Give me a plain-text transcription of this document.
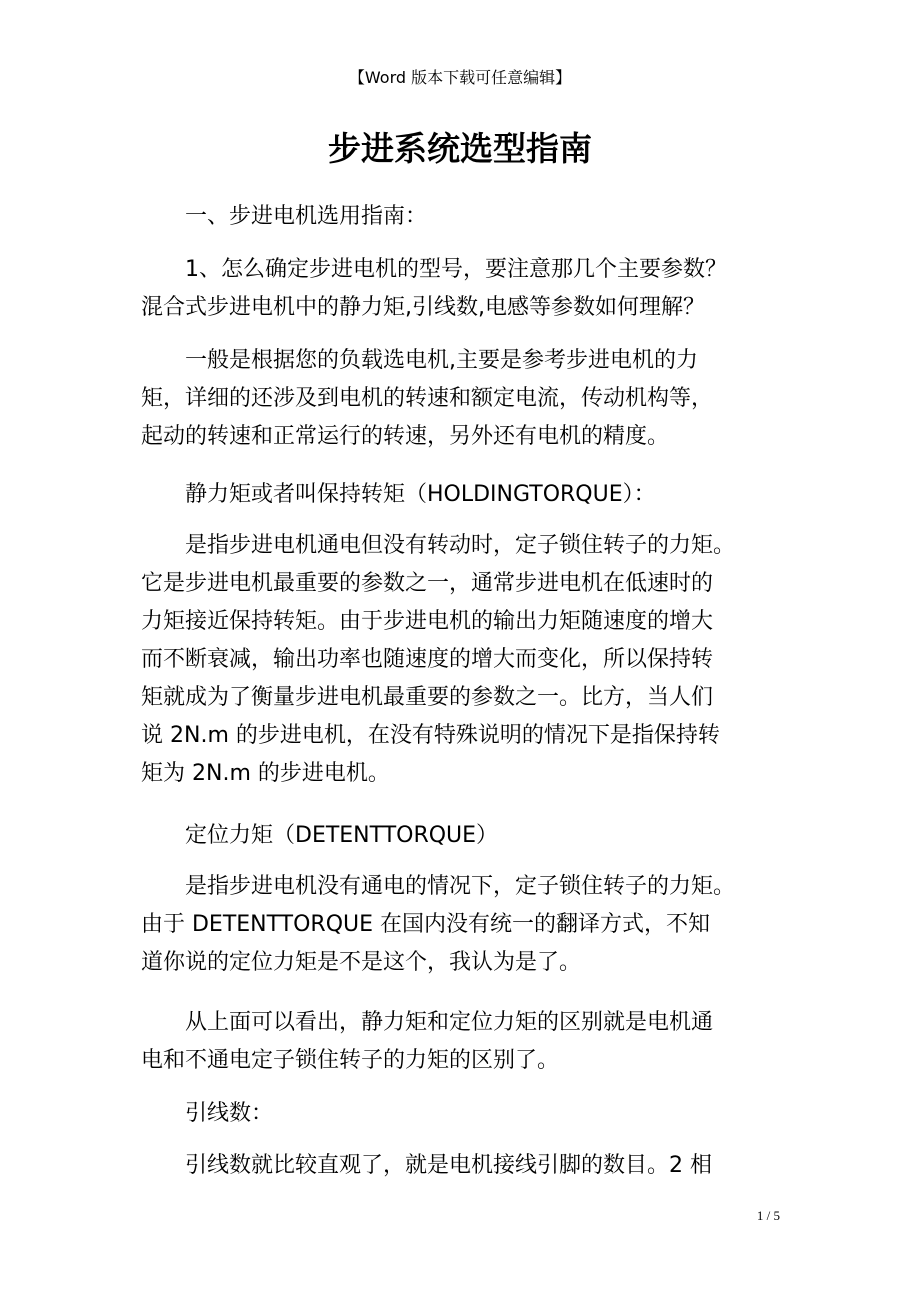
【Word 版本下载可任意编辑】
步进系统选型指南

　　一、步进电机选用指南：

　　1、怎么确定步进电机的型号，要注意那几个主要参数？
混合式步进电机中的静力矩,引线数,电感等参数如何理解？

　　一般是根据您的负载选电机,主要是参考步进电机的力
矩，详细的还涉及到电机的转速和额定电流，传动机构等，
起动的转速和正常运行的转速，另外还有电机的精度。

　　静力矩或者叫保持转矩（HOLDINGTORQUE）：

　　是指步进电机通电但没有转动时，定子锁住转子的力矩。
它是步进电机最重要的参数之一，通常步进电机在低速时的
力矩接近保持转矩。由于步进电机的输出力矩随速度的增大
而不断衰减，输出功率也随速度的增大而变化，所以保持转
矩就成为了衡量步进电机最重要的参数之一。比方，当人们
说 2N.m 的步进电机，在没有特殊说明的情况下是指保持转
矩为 2N.m 的步进电机。

　　定位力矩（DETENTTORQUE）

　　是指步进电机没有通电的情况下，定子锁住转子的力矩。
由于 DETENTTORQUE 在国内没有统一的翻译方式，不知
道你说的定位力矩是不是这个，我认为是了。

　　从上面可以看出，静力矩和定位力矩的区别就是电机通
电和不通电定子锁住转子的力矩的区别了。

　　引线数：

　　引线数就比较直观了，就是电机接线引脚的数目。2 相

1 / 5
